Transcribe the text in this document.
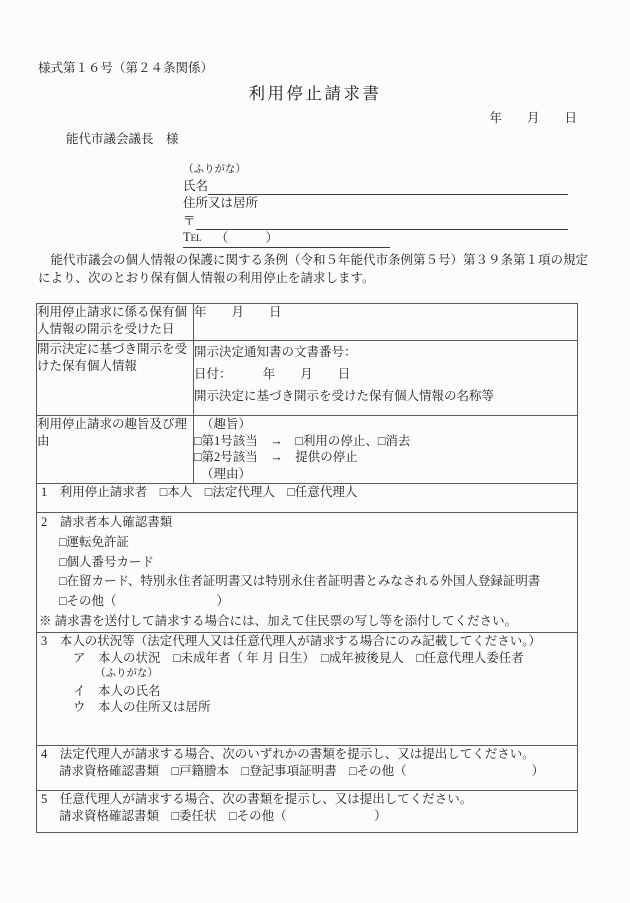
様式第１６号（第２４条関係）
利用停止請求書
年　　月　　日
能代市議会議長　様
（ふりがな）
氏名
住所又は居所
〒
TEL （　　　）
　能代市議会の個人情報の保護に関する条例（令和５年能代市条例第５号）第３９条第１項の規定により、次のとおり保有個人情報の利用停止を請求します。
利用停止請求に係る保有個人情報の開示を受けた日	年　　月　　日
開示決定に基づき開示を受けた保有個人情報	開示決定通知書の文書番号：
日付：　　　年　　月　　日
開示決定に基づき開示を受けた保有個人情報の名称等

利用停止請求の趣旨及び理由	（趣旨）
□第1号該当　→　□利用の停止、□消去
□第2号該当　→　提供の停止
（理由）

1　利用停止請求者　□本人　□法定代理人　□任意代理人	

2　請求者本人確認書類
□運転免許証
□個人番号カード
□在留カード、特別永住者証明書又は特別永住者証明書とみなされる外国人登録証明書
□その他（　　　　　　　　）
※ 請求書を送付して請求する場合には、加えて住民票の写し等を添付してください。

3　本人の状況等（法定代理人又は任意代理人が請求する場合にのみ記載してください。）
ア　本人の状況　□未成年者（ 年 月 日生）　□成年被後見人　□任意代理人委任者
（ふりがな）
イ　本人の氏名
ウ　本人の住所又は居所	

4　法定代理人が請求する場合、次のいずれかの書類を提示し、又は提出してください。
請求資格確認書類　□戸籍謄本　□登記事項証明書　□その他（　　　　　　　　　　）	

5　任意代理人が請求する場合、次の書類を提示し、又は提出してください。
請求資格確認書類　□委任状　□その他（　　　　　　　）	
